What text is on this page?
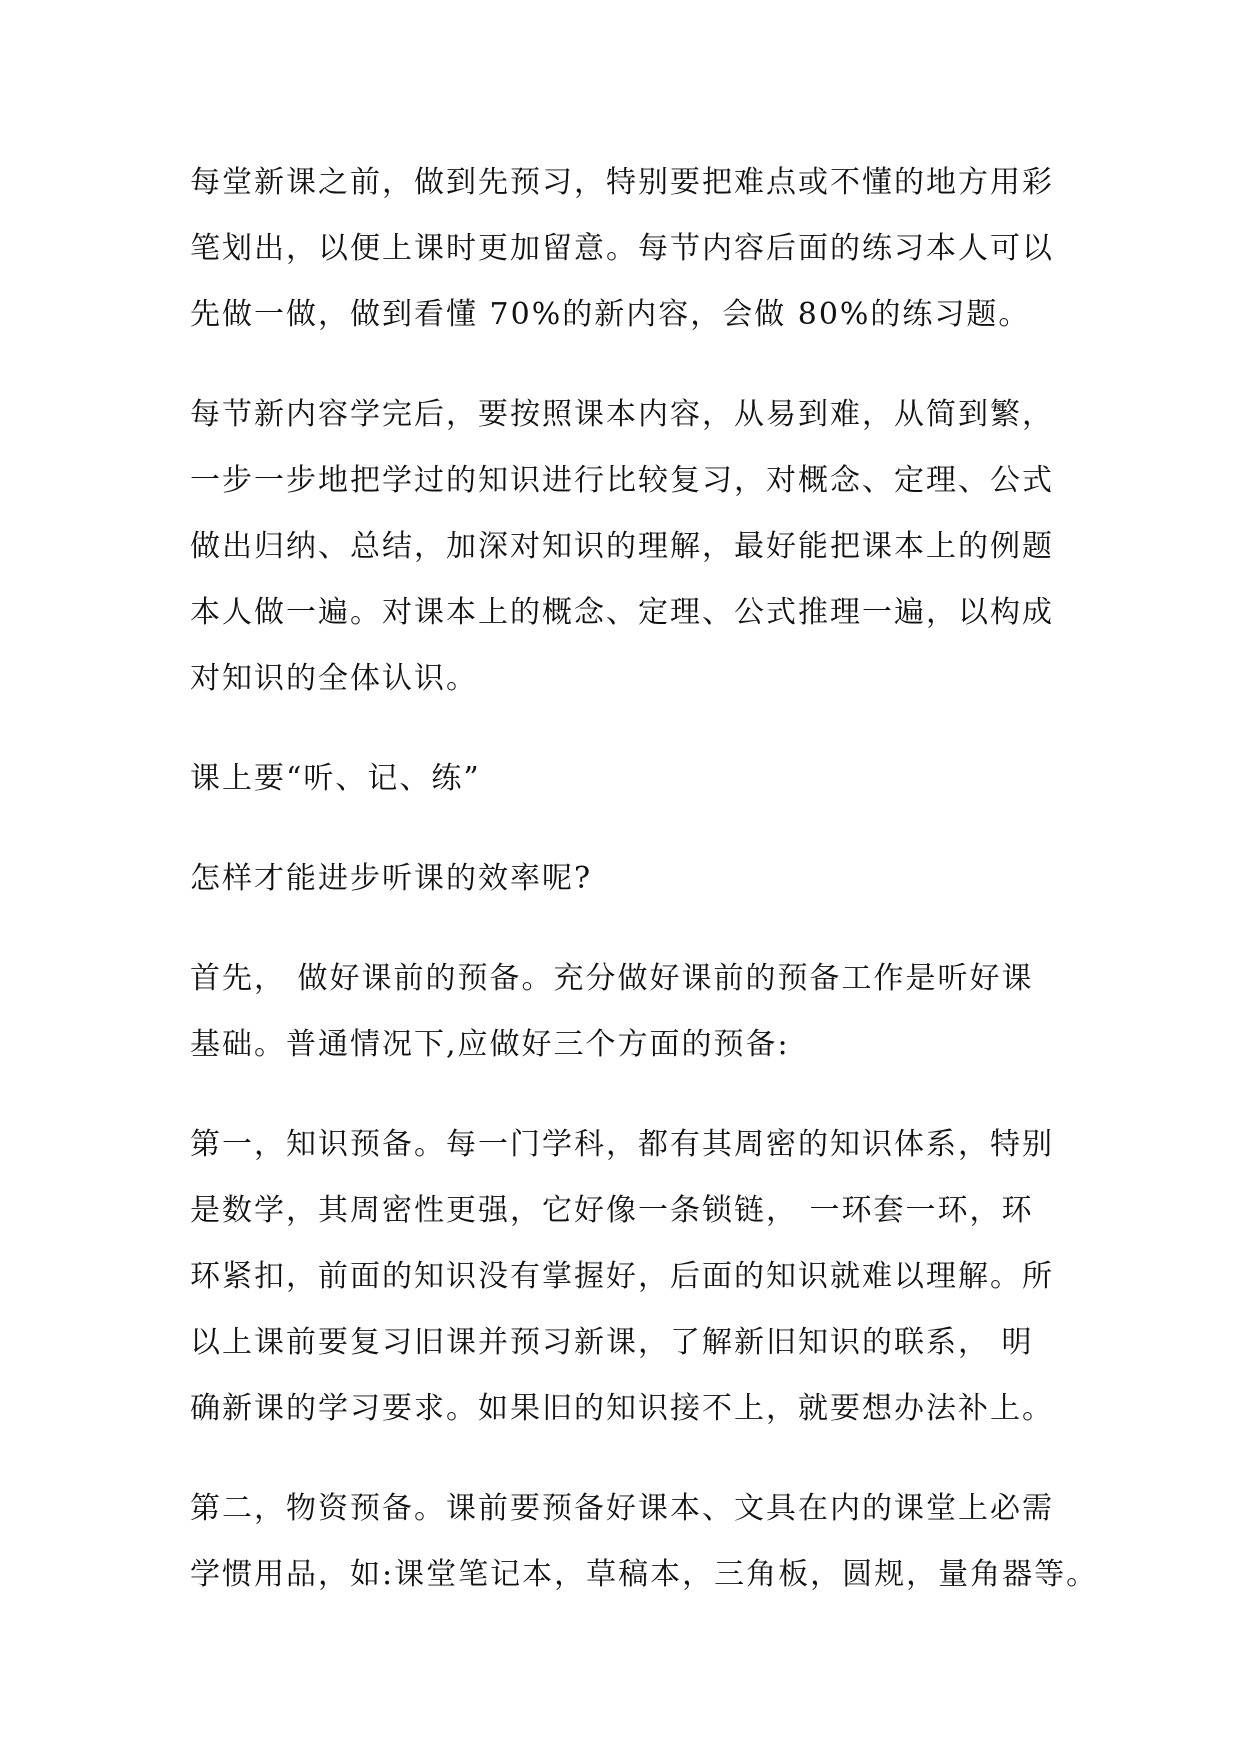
每堂新课之前，做到先预习，特别要把难点或不懂的地方用彩
笔划出，以便上课时更加留意。每节内容后面的练习本人可以
先做一做，做到看懂 70%的新内容，会做 80%的练习题。
每节新内容学完后，要按照课本内容，从易到难，从简到繁，
一步一步地把学过的知识进行比较复习，对概念、定理、公式
做出归纳、总结，加深对知识的理解，最好能把课本上的例题
本人做一遍。对课本上的概念、定理、公式推理一遍，以构成
对知识的全体认识。
课上要“听、记、练”
怎样才能进步听课的效率呢?
首先， 做好课前的预备。充分做好课前的预备工作是听好课
基础。普通情况下,应做好三个方面的预备:
第一，知识预备。每一门学科，都有其周密的知识体系，特别
是数学，其周密性更强，它好像一条锁链， 一环套一环，环
环紧扣，前面的知识没有掌握好，后面的知识就难以理解。所
以上课前要复习旧课并预习新课，了解新旧知识的联系， 明
确新课的学习要求。如果旧的知识接不上，就要想办法补上。
第二，物资预备。课前要预备好课本、文具在内的课堂上必需
学惯用品，如:课堂笔记本，草稿本，三角板，圆规，量角器等。
